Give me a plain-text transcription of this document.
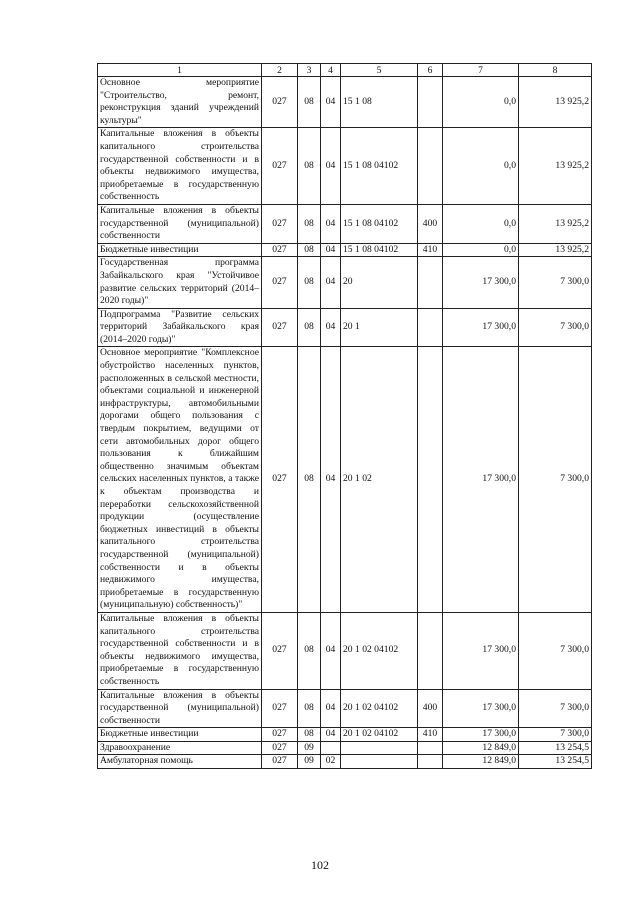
1	2	3	4	5	6	7	8
Основное мероприятие "Строительство, ремонт, реконструкция зданий учреждений культуры"	027	08	04	15 1 08		0,0	13 925,2
Капитальные вложения в объекты капитального строительства государственной собственности и в объекты недвижимого имущества, приобретаемые в государственную собственность	027	08	04	15 1 08 04102		0,0	13 925,2
Капитальные вложения в объекты государственной (муниципальной) собственности	027	08	04	15 1 08 04102	400	0,0	13 925,2
Бюджетные инвестиции	027	08	04	15 1 08 04102	410	0,0	13 925,2
Государственная программа Забайкальского края "Устойчивое развитие сельских территорий (2014–2020 годы)"	027	08	04	20		17 300,0	7 300,0
Подпрограмма "Развитие сельских территорий Забайкальского края (2014–2020 годы)"	027	08	04	20 1		17 300,0	7 300,0
Основное мероприятие "Комплексное обустройство населенных пунктов, расположенных в сельской местности, объектами социальной и инженерной инфраструктуры, автомобильными дорогами общего пользования с твердым покрытием, ведущими от сети автомобильных дорог общего пользования к ближайшим общественно значимым объектам сельских населенных пунктов, а также к объектам производства и переработки сельскохозяйственной продукции (осуществление бюджетных инвестиций в объекты капитального строительства государственной (муниципальной) собственности и в объекты недвижимого имущества, приобретаемые в государственную (муниципальную) собственность)"	027	08	04	20 1 02		17 300,0	7 300,0
Капитальные вложения в объекты капитального строительства государственной собственности и в объекты недвижимого имущества, приобретаемые в государственную собственность	027	08	04	20 1 02 04102		17 300,0	7 300,0
Капитальные вложения в объекты государственной (муниципальной) собственности	027	08	04	20 1 02 04102	400	17 300,0	7 300,0
Бюджетные инвестиции	027	08	04	20 1 02 04102	410	17 300,0	7 300,0
Здравоохранение	027	09				12 849,0	13 254,5
Амбулаторная помощь	027	09	02			12 849,0	13 254,5
102
